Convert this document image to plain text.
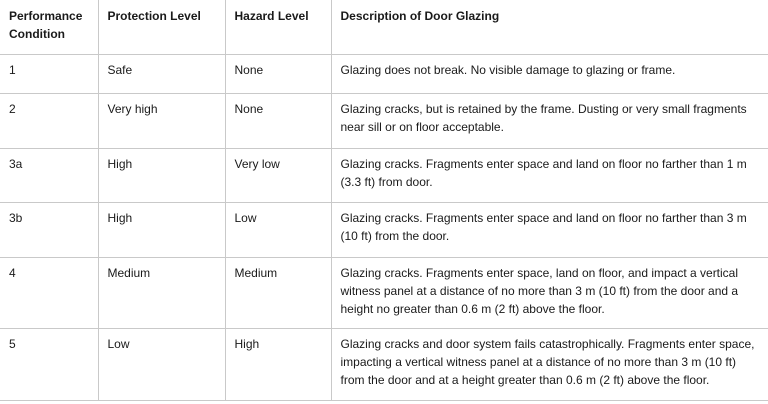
Performance Condition	Protection Level	Hazard Level	Description of Door Glazing
1	Safe	None	Glazing does not break. No visible damage to glazing or frame.
2	Very high	None	Glazing cracks, but is retained by the frame. Dusting or very small fragments near sill or on floor acceptable.
3a	High	Very low	Glazing cracks. Fragments enter space and land on floor no farther than 1 m (3.3 ft) from door.
3b	High	Low	Glazing cracks. Fragments enter space and land on floor no farther than 3 m (10 ft) from the door.
4	Medium	Medium	Glazing cracks. Fragments enter space, land on floor, and impact a vertical witness panel at a distance of no more than 3 m (10 ft) from the door and a height no greater than 0.6 m (2 ft) above the floor.
5	Low	High	Glazing cracks and door system fails catastrophically. Fragments enter space, impacting a vertical witness panel at a distance of no more than 3 m (10 ft) from the door and at a height greater than 0.6 m (2 ft) above the floor.
